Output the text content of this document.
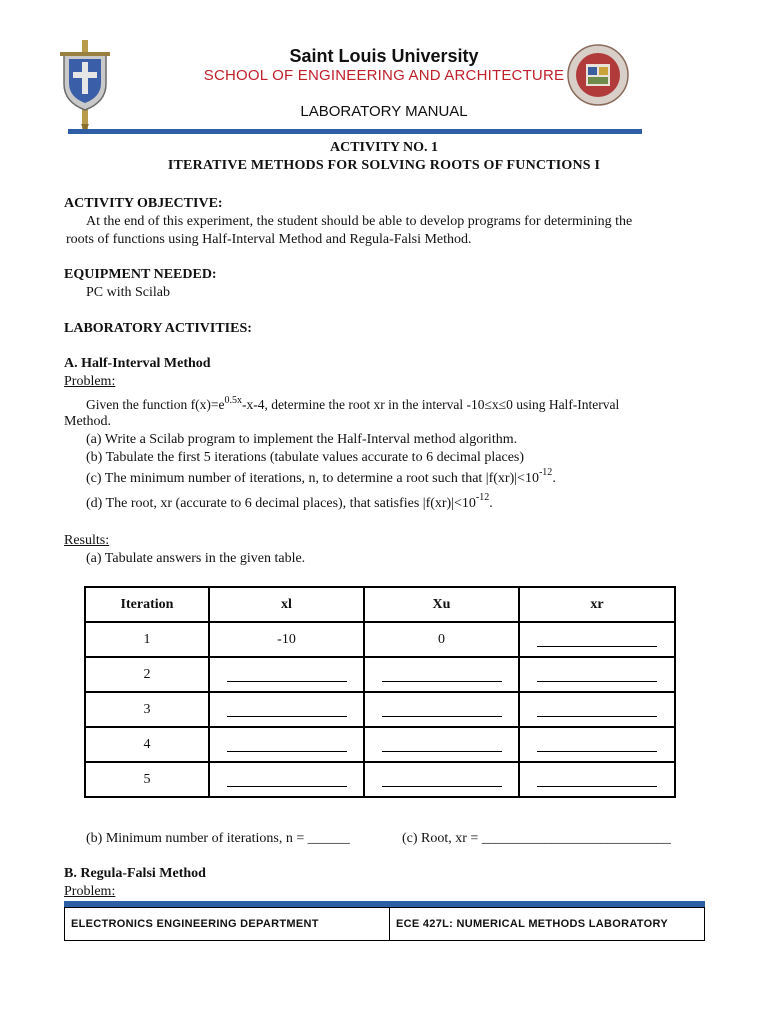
Saint Louis University
SCHOOL OF ENGINEERING AND ARCHITECTURE
LABORATORY MANUAL
ACTIVITY NO. 1
ITERATIVE METHODS FOR SOLVING ROOTS OF FUNCTIONS I
ACTIVITY OBJECTIVE:
At the end of this experiment, the student should be able to develop programs for determining the
roots of functions using Half-Interval Method and Regula-Falsi Method.
EQUIPMENT NEEDED:
PC with Scilab
LABORATORY ACTIVITIES:
A. Half-Interval Method
Problem:
Given the function $f(x)=e^{0.5x}-x-4$, determine the root xr in the interval -10≤x≤0 using Half-Interval
Method.
(a) Write a Scilab program to implement the Half-Interval method algorithm.
(b) Tabulate the first 5 iterations (tabulate values accurate to 6 decimal places)
(c) The minimum number of iterations, n, to determine a root such that $|f(xr)|<10^{-12}$.
(d) The root, xr (accurate to 6 decimal places), that satisfies $|f(xr)|<10^{-12}$.
Results:
(a) Tabulate answers in the given table.
Iteration	xl	Xu	xr
1	-10	0	
2			
3			
4			
5			
(b) Minimum number of iterations, n = ______	(c) Root, xr = ___________________________
B. Regula-Falsi Method
Problem:
ELECTRONICS ENGINEERING DEPARTMENT	ECE 427L: NUMERICAL METHODS LABORATORY
